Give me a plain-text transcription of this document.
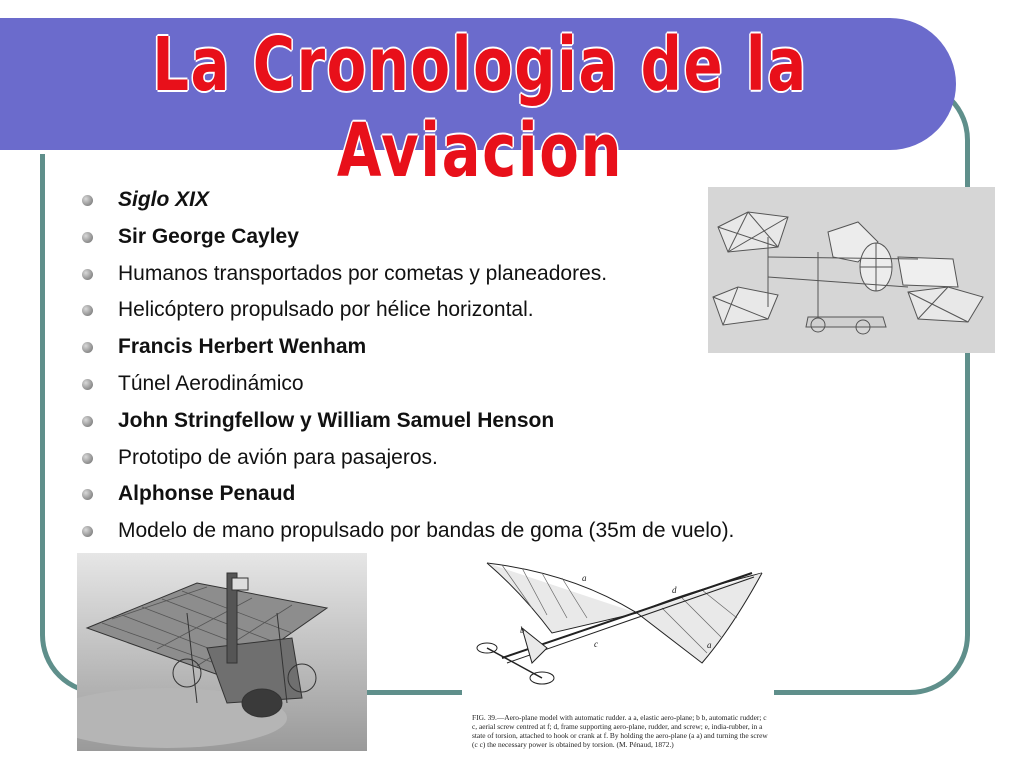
La Cronologia de la Aviacion
Siglo XIX
Sir George Cayley
Humanos transportados por cometas y planeadores.
Helicóptero propulsado por hélice horizontal.
Francis Herbert Wenham
Túnel Aerodinámico
John Stringfellow y William Samuel Henson
Prototipo de avión para pasajeros.
Alphonse Penaud
Modelo de mano propulsado por bandas de goma (35m de vuelo).
a
d
a
b
c
FIG. 39.—Aero-plane model with automatic rudder. a a, elastic aero-plane; b b, automatic rudder; c c, aerial screw centred at f; d, frame supporting aero-plane, rudder, and screw; e, india-rubber, in a state of torsion, attached to hook or crank at f. By holding the aero-plane (a a) and turning the screw (c c) the necessary power is obtained by torsion. (M. Pénaud, 1872.)
